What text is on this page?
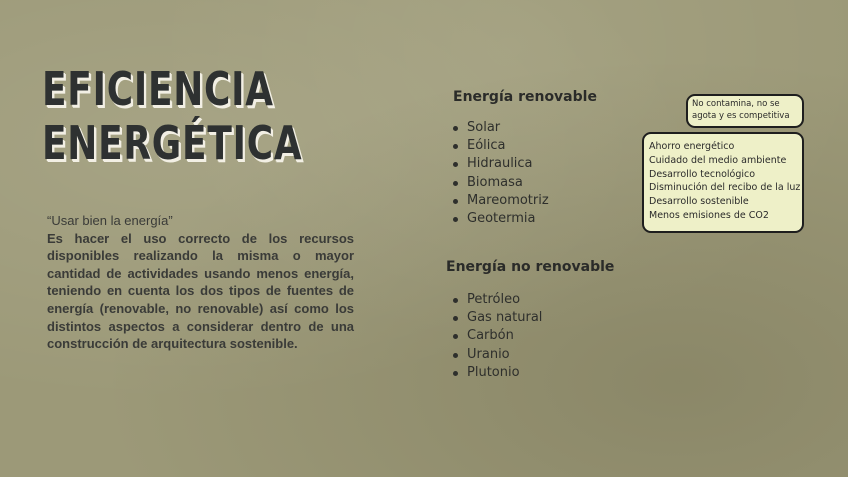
EFICIENCIA
ENERGÉTICA
“Usar bien la energía”
Es hacer el uso correcto de los recursos disponibles realizando la misma o mayor cantidad de actividades usando menos energía, teniendo en cuenta los dos tipos de fuentes de energía (renovable, no renovable) así como los distintos aspectos a considerar dentro de una construcción de arquitectura sostenible.
Energía renovable
Solar
Eólica
Hidraulica
Biomasa
Mareomotriz
Geotermia
Energía no renovable
Petróleo
Gas natural
Carbón
Uranio
Plutonio
No contamina, no se agota y es competitiva
Ahorro energético
Cuidado del medio ambiente
Desarrollo tecnológico
Disminución del recibo de la luz
Desarrollo sostenible
Menos emisiones de CO2
